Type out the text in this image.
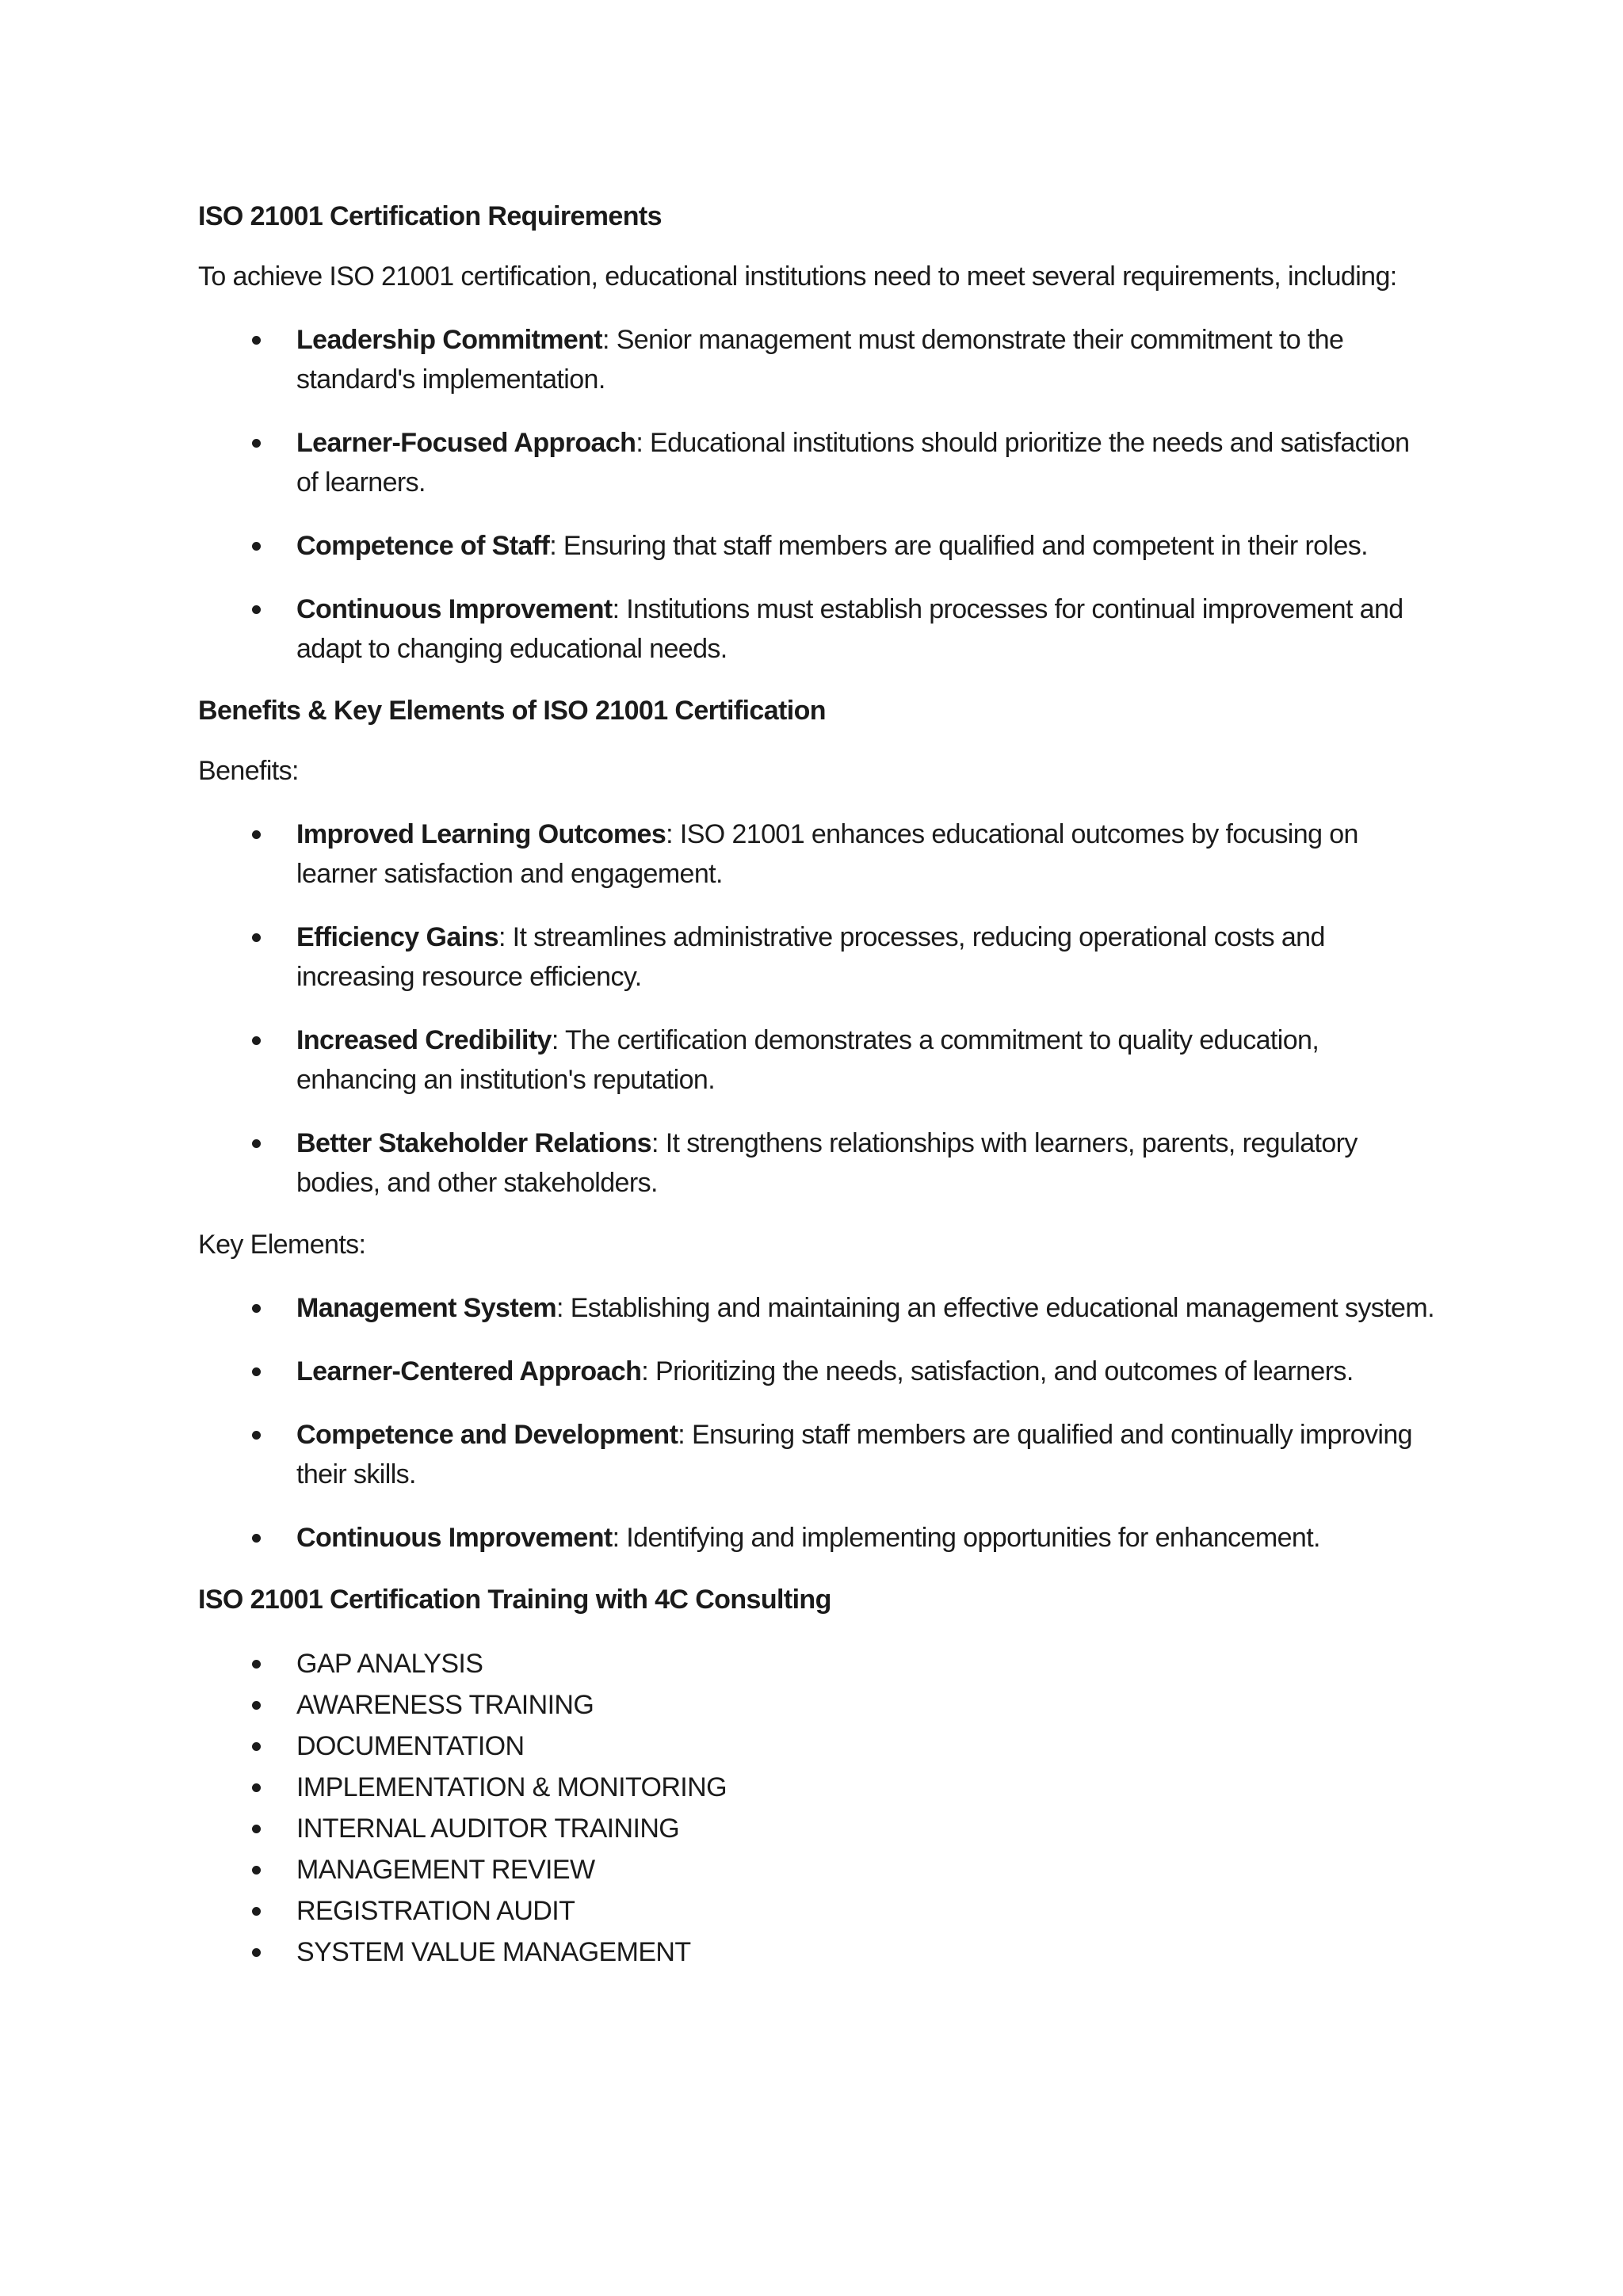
ISO 21001 Certification Requirements

To achieve ISO 21001 certification, educational institutions need to meet several requirements, including:

Leadership Commitment: Senior management must demonstrate their commitment to the standard's implementation.
Learner-Focused Approach: Educational institutions should prioritize the needs and satisfaction of learners.
Competence of Staff: Ensuring that staff members are qualified and competent in their roles.
Continuous Improvement: Institutions must establish processes for continual improvement and adapt to changing educational needs.
Benefits & Key Elements of ISO 21001 Certification

Benefits:

Improved Learning Outcomes: ISO 21001 enhances educational outcomes by focusing on learner satisfaction and engagement.
Efficiency Gains: It streamlines administrative processes, reducing operational costs and increasing resource efficiency.
Increased Credibility: The certification demonstrates a commitment to quality education, enhancing an institution's reputation.
Better Stakeholder Relations: It strengthens relationships with learners, parents, regulatory bodies, and other stakeholders.

Key Elements:

Management System: Establishing and maintaining an effective educational management system.
Learner-Centered Approach: Prioritizing the needs, satisfaction, and outcomes of learners.
Competence and Development: Ensuring staff members are qualified and continually improving their skills.
Continuous Improvement: Identifying and implementing opportunities for enhancement.
ISO 21001 Certification Training with 4C Consulting
GAP ANALYSIS
AWARENESS TRAINING
DOCUMENTATION
IMPLEMENTATION & MONITORING
INTERNAL AUDITOR TRAINING
MANAGEMENT REVIEW
REGISTRATION AUDIT
SYSTEM VALUE MANAGEMENT
